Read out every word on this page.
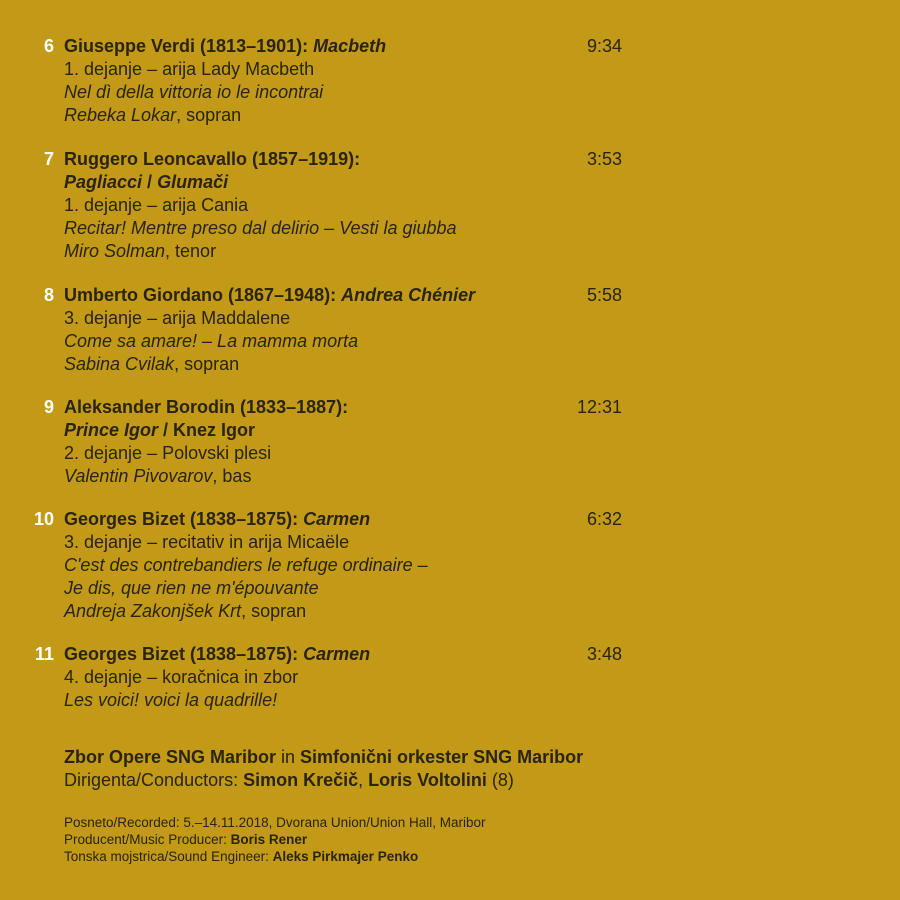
6 Giuseppe Verdi (1813–1901): Macbeth
1. dejanje – arija Lady Macbeth
Nel dì della vittoria io le incontrai
Rebeka Lokar, sopran
9:34
7 Ruggero Leoncavallo (1857–1919):
Pagliacci / Glumači
1. dejanje – arija Cania
Recitar! Mentre preso dal delirio – Vesti la giubba
Miro Solman, tenor
3:53
8 Umberto Giordano (1867–1948): Andrea Chénier
3. dejanje – arija Maddalene
Come sa amare! – La mamma morta
Sabina Cvilak, sopran
5:58
9 Aleksander Borodin (1833–1887):
Prince Igor / Knez Igor
2. dejanje – Polovski plesi
Valentin Pivovarov, bas
12:31
10 Georges Bizet (1838–1875): Carmen
3. dejanje – recitativ in arija Micaële
C'est des contrebandiers le refuge ordinaire –
Je dis, que rien ne m'épouvante
Andreja Zakonjšek Krt, sopran
6:32
11 Georges Bizet (1838–1875): Carmen
4. dejanje – koračnica in zbor
Les voici! voici la quadrille!
3:48
Zbor Opere SNG Maribor in Simfonični orkester SNG Maribor
Dirigenta/Conductors: Simon Krečič, Loris Voltolini (8)
Posneto/Recorded: 5.–14.11.2018, Dvorana Union/Union Hall, Maribor
Producent/Music Producer: Boris Rener
Tonska mojstrica/Sound Engineer: Aleks Pirkmajer Penko
